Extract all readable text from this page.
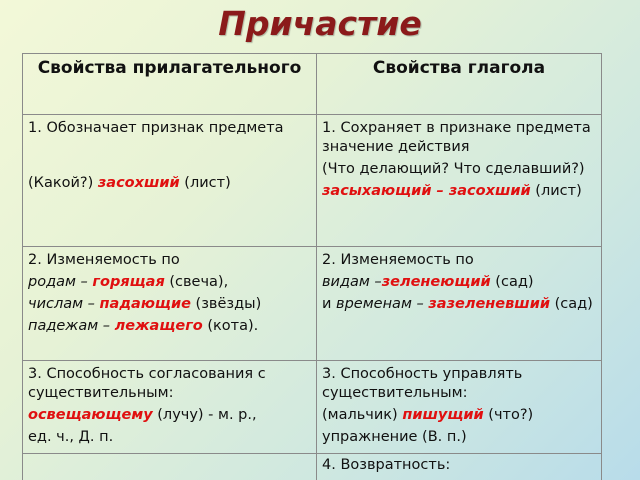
Причастие
Свойства прилагательного	Свойства глагола
1. Обозначает признак предмета
(Какой?) засохший (лист)
1. Сохраняет в признаке предмета значение действия
(Что делающий? Что сделавший?)
засыхающий – засохший (лист)
2. Изменяемость по
родам – горящая (свеча),
числам – падающие (звёзды)
падежам – лежащего (кота).
2. Изменяемость по
видам –зеленеющий (сад)
и временам – зазеленевший (сад)
3. Способность согласования с существительным:
освещающему (лучу) - м. р.,
ед. ч., Д. п.
3. Способность управлять существительным:
(мальчик) пишущий (что?)
упражнение (В. п.)
4. Возвратность:
